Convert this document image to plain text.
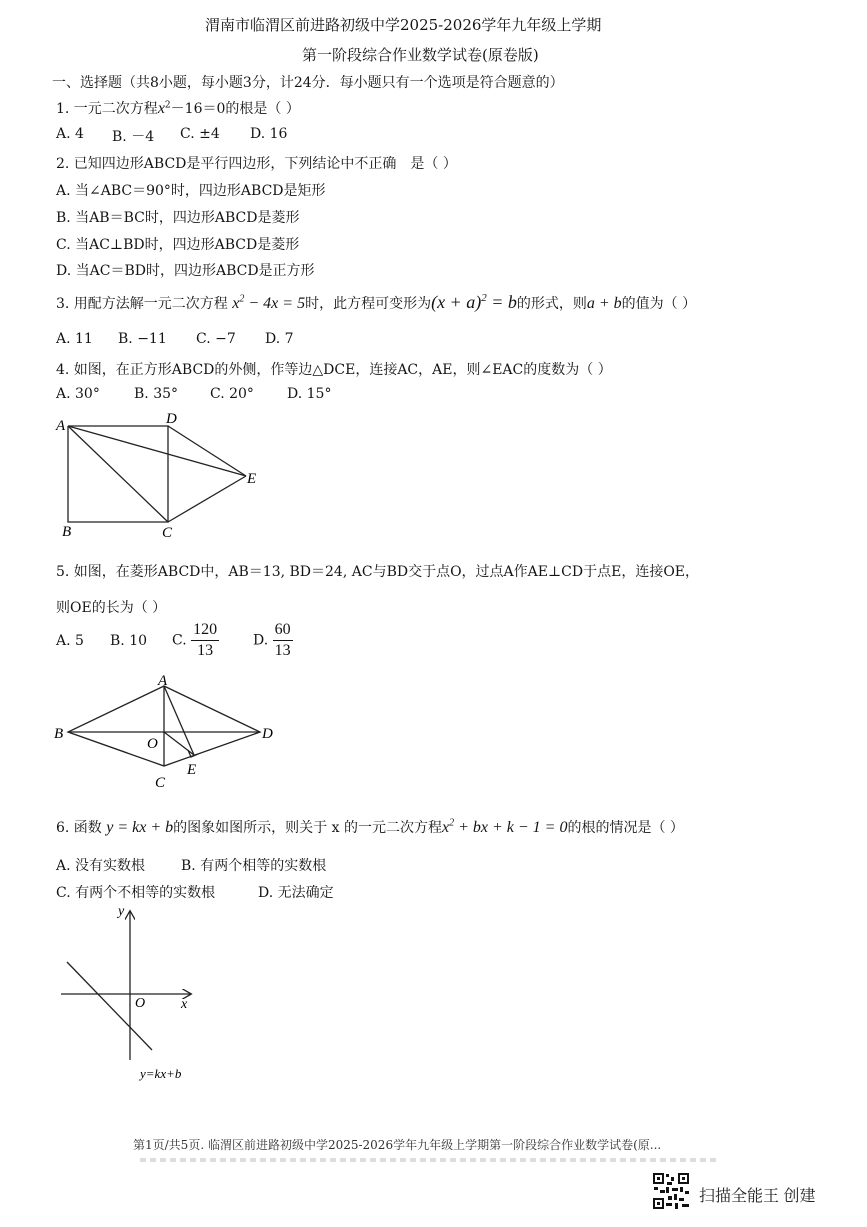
渭南市临渭区前进路初级中学2025-2026学年九年级上学期
第一阶段综合作业数学试卷(原卷版)
一、选择题（共8小题，每小题3分，计24分．每小题只有一个选项是符合题意的）
1. 一元二次方程$x^2-16=0$的根是（ ）
A. 4 B. －4 C. ±4 D. 16
2. 已知四边形ABCD是平行四边形，下列结论中不正确　是（ ）
A. 当∠ABC＝90°时，四边形ABCD是矩形
B. 当AB＝BC时，四边形ABCD是菱形
C. 当AC⊥BD时，四边形ABCD是菱形
D. 当AC＝BD时，四边形ABCD是正方形
3. 用配方法解一元二次方程 $x^2 - 4x = 5$时，此方程可变形为$(x + a)^2 = b$的形式，则a + b的值为（ ）
A. 11 B. −11 C. −7 D. 7
4. 如图，在正方形ABCD的外侧，作等边△DCE，连接AC，AE，则∠EAC的度数为（ ）
A. 30° B. 35° C. 20° D. 15°
A	D
E
B	C
5. 如图，在菱形ABCD中，AB＝13, BD＝24, AC与BD交于点O，过点A作AE⊥CD于点E，连接OE，
则OE的长为（ ）
A. 5 B. 10 C. $\frac{120}{13} D$. $\frac{60}{13}$
A
B
O
D
C
E
6. 函数 y = kx + b的图象如图所示，则关于 x 的一元二次方程$x^2$ + bx + k − 1 = 0的根的情况是（ ）
A. 没有实数根	B. 有两个相等的实数根
C. 有两个不相等的实数根	D. 无法确定
y
O	x
y=kx+b
第1页/共5页. 临渭区前进路初级中学2025-2026学年九年级上学期第一阶段综合作业数学试卷(原...
扫描全能王 创建
